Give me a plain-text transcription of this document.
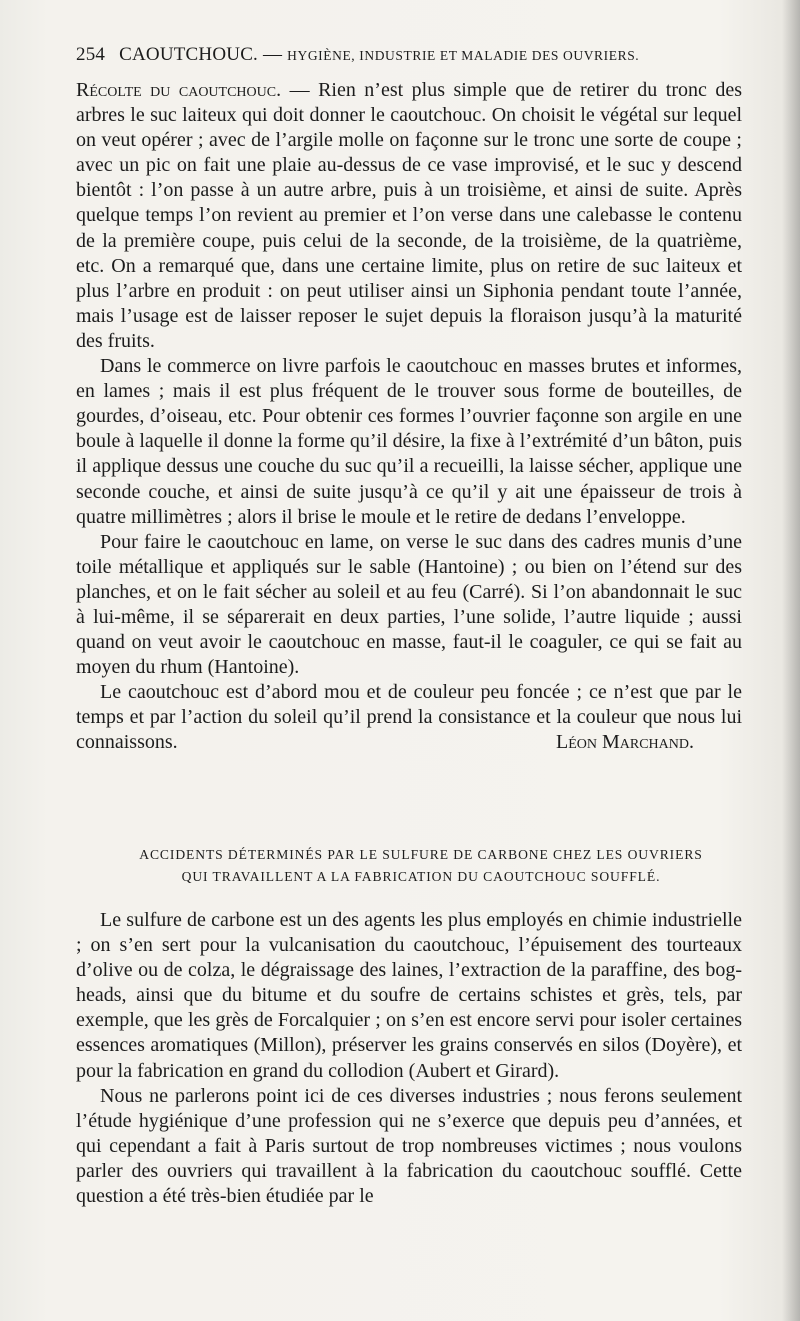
254 CAOUTCHOUC. — HYGIÈNE, INDUSTRIE ET MALADIE DES OUVRIERS.

Récolte du caoutchouc. — Rien n’est plus simple que de retirer du tronc des arbres le suc laiteux qui doit donner le caoutchouc. On choisit le végétal sur lequel on veut opérer ; avec de l’argile molle on façonne sur le tronc une sorte de coupe ; avec un pic on fait une plaie au-dessus de ce vase improvisé, et le suc y descend bientôt : l’on passe à un autre arbre, puis à un troisième, et ainsi de suite. Après quelque temps l’on revient au premier et l’on verse dans une calebasse le contenu de la première coupe, puis celui de la seconde, de la troisième, de la quatrième, etc. On a remarqué que, dans une certaine limite, plus on retire de suc laiteux et plus l’arbre en produit : on peut utiliser ainsi un Siphonia pendant toute l’année, mais l’usage est de laisser reposer le sujet depuis la floraison jusqu’à la maturité des fruits.

Dans le commerce on livre parfois le caoutchouc en masses brutes et informes, en lames ; mais il est plus fréquent de le trouver sous forme de bouteilles, de gourdes, d’oiseau, etc. Pour obtenir ces formes l’ouvrier façonne son argile en une boule à laquelle il donne la forme qu’il désire, la fixe à l’extrémité d’un bâton, puis il applique dessus une couche du suc qu’il a recueilli, la laisse sécher, applique une seconde couche, et ainsi de suite jusqu’à ce qu’il y ait une épaisseur de trois à quatre millimètres ; alors il brise le moule et le retire de dedans l’enveloppe.

Pour faire le caoutchouc en lame, on verse le suc dans des cadres munis d’une toile métallique et appliqués sur le sable (Hantoine) ; ou bien on l’étend sur des planches, et on le fait sécher au soleil et au feu (Carré). Si l’on abandonnait le suc à lui-même, il se séparerait en deux parties, l’une solide, l’autre liquide ; aussi quand on veut avoir le caoutchouc en masse, faut-il le coaguler, ce qui se fait au moyen du rhum (Hantoine).

Le caoutchouc est d’abord mou et de couleur peu foncée ; ce n’est que par le temps et par l’action du soleil qu’il prend la consistance et la couleur que nous lui connaissons.	Léon Marchand.

ACCIDENTS DÉTERMINÉS PAR LE SULFURE DE CARBONE CHEZ LES OUVRIERS

QUI TRAVAILLENT A LA FABRICATION DU CAOUTCHOUC SOUFFLÉ.

Le sulfure de carbone est un des agents les plus employés en chimie industrielle ; on s’en sert pour la vulcanisation du caoutchouc, l’épuisement des tourteaux d’olive ou de colza, le dégraissage des laines, l’extraction de la paraffine, des bog-heads, ainsi que du bitume et du soufre de certains schistes et grès, tels, par exemple, que les grès de Forcalquier ; on s’en est encore servi pour isoler certaines essences aromatiques (Millon), préserver les grains conservés en silos (Doyère), et pour la fabrication en grand du collodion (Aubert et Girard).

Nous ne parlerons point ici de ces diverses industries ; nous ferons seulement l’étude hygiénique d’une profession qui ne s’exerce que depuis peu d’années, et qui cependant a fait à Paris surtout de trop nombreuses victimes ; nous voulons parler des ouvriers qui travaillent à la fabrication du caoutchouc soufflé. Cette question a été très-bien étudiée par le
